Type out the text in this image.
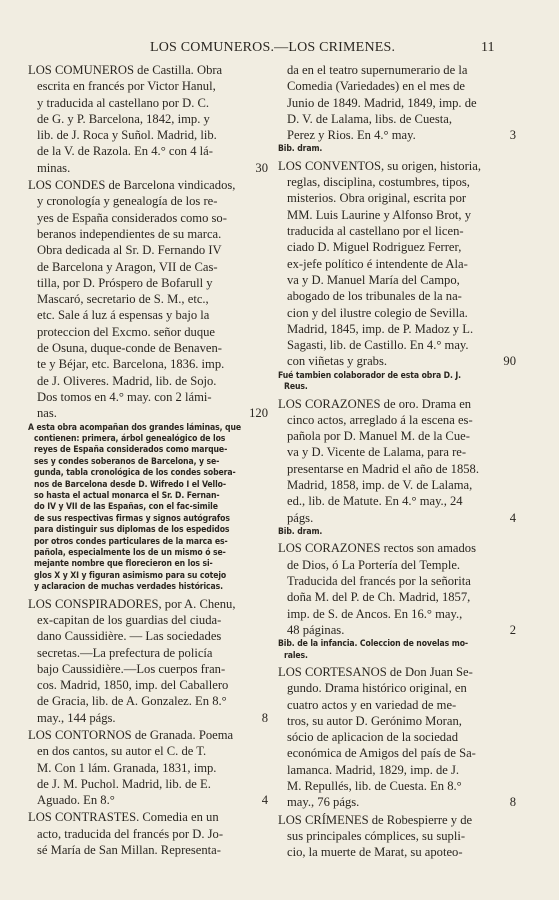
LOS COMUNEROS.—LOS CRIMENES.	11
LOS COMUNEROS de Castilla. Obra
escrita en francés por Victor Hanul,
y traducida al castellano por D. C.
de G. y P. Barcelona, 1842, imp. y
lib. de J. Roca y Suñol. Madrid, lib.
de la V. de Razola. En 4.° con 4 lá-
minas.	30
LOS CONDES de Barcelona vindicados,
y cronología y genealogía de los re-
yes de España considerados como so-
beranos independientes de su marca.
Obra dedicada al Sr. D. Fernando IV
de Barcelona y Aragon, VII de Cas-
tilla, por D. Próspero de Bofarull y
Mascaró, secretario de S. M., etc.,
etc. Sale á luz á espensas y bajo la
proteccion del Excmo. señor duque
de Osuna, duque-conde de Benaven-
te y Béjar, etc. Barcelona, 1836. imp.
de J. Oliveres. Madrid, lib. de Sojo.
Dos tomos en 4.° may. con 2 lámi-
nas.	120
A esta obra acompañan dos grandes láminas, que
contienen: primera, árbol genealógico de los
reyes de España considerados como marque-
ses y condes soberanos de Barcelona, y se-
gunda, tabla cronológica de los condes sobera-
nos de Barcelona desde D. Wifredo I el Vello-
so hasta el actual monarca el Sr. D. Fernan-
do IV y VII de las Españas, con el fac-simile
de sus respectivas firmas y signos autógrafos
para distinguir sus diplomas de los espedidos
por otros condes particulares de la marca es-
pañola, especialmente los de un mismo ó se-
mejante nombre que florecieron en los si-
glos X y XI y figuran asimismo para su cotejo
y aclaracion de muchas verdades históricas.
LOS CONSPIRADORES, por A. Chenu,
ex-capitan de los guardias del ciuda-
dano Caussidière. — Las sociedades
secretas.—La prefectura de policía
bajo Caussidière.—Los cuerpos fran-
cos. Madrid, 1850, imp. del Caballero
de Gracia, lib. de A. Gonzalez. En 8.°
may., 144 págs.	8
LOS CONTORNOS de Granada. Poema
en dos cantos, su autor el C. de T.
M. Con 1 lám. Granada, 1831, imp.
de J. M. Puchol. Madrid, lib. de E.
Aguado. En 8.°	4
LOS CONTRASTES. Comedia en un
acto, traducida del francés por D. Jo-
sé María de San Millan. Representa-
da en el teatro supernumerario de la
Comedia (Variedades) en el mes de
Junio de 1849. Madrid, 1849, imp. de
D. V. de Lalama, libs. de Cuesta,
Perez y Rios. En 4.° may.	3
Bib. dram.
LOS CONVENTOS, su origen, historia,
reglas, disciplina, costumbres, tipos,
misterios. Obra original, escrita por
MM. Luis Laurine y Alfonso Brot, y
traducida al castellano por el licen-
ciado D. Miguel Rodriguez Ferrer,
ex-jefe político é intendente de Ala-
va y D. Manuel María del Campo,
abogado de los tribunales de la na-
cion y del ilustre colegio de Sevilla.
Madrid, 1845, imp. de P. Madoz y L.
Sagasti, lib. de Castillo. En 4.° may.
con viñetas y grabs.	90
Fué tambien colaborador de esta obra D. J.
Reus.
LOS CORAZONES de oro. Drama en
cinco actos, arreglado á la escena es-
pañola por D. Manuel M. de la Cue-
va y D. Vicente de Lalama, para re-
presentarse en Madrid el año de 1858.
Madrid, 1858, imp. de V. de Lalama,
ed., lib. de Matute. En 4.° may., 24
págs.	4
Bib. dram.
LOS CORAZONES rectos son amados
de Dios, ó La Portería del Temple.
Traducida del francés por la señorita
doña M. del P. de Ch. Madrid, 1857,
imp. de S. de Ancos. En 16.° may.,
48 páginas.	2
Bib. de la infancia. Coleccion de novelas mo-
rales.
LOS CORTESANOS de Don Juan Se-
gundo. Drama histórico original, en
cuatro actos y en variedad de me-
tros, su autor D. Gerónimo Moran,
sócio de aplicacion de la sociedad
económica de Amigos del país de Sa-
lamanca. Madrid, 1829, imp. de J.
M. Repullés, lib. de Cuesta. En 8.°
may., 76 págs.	8
LOS CRÍMENES de Robespierre y de
sus principales cómplices, su supli-
cio, la muerte de Marat, su apoteo-
